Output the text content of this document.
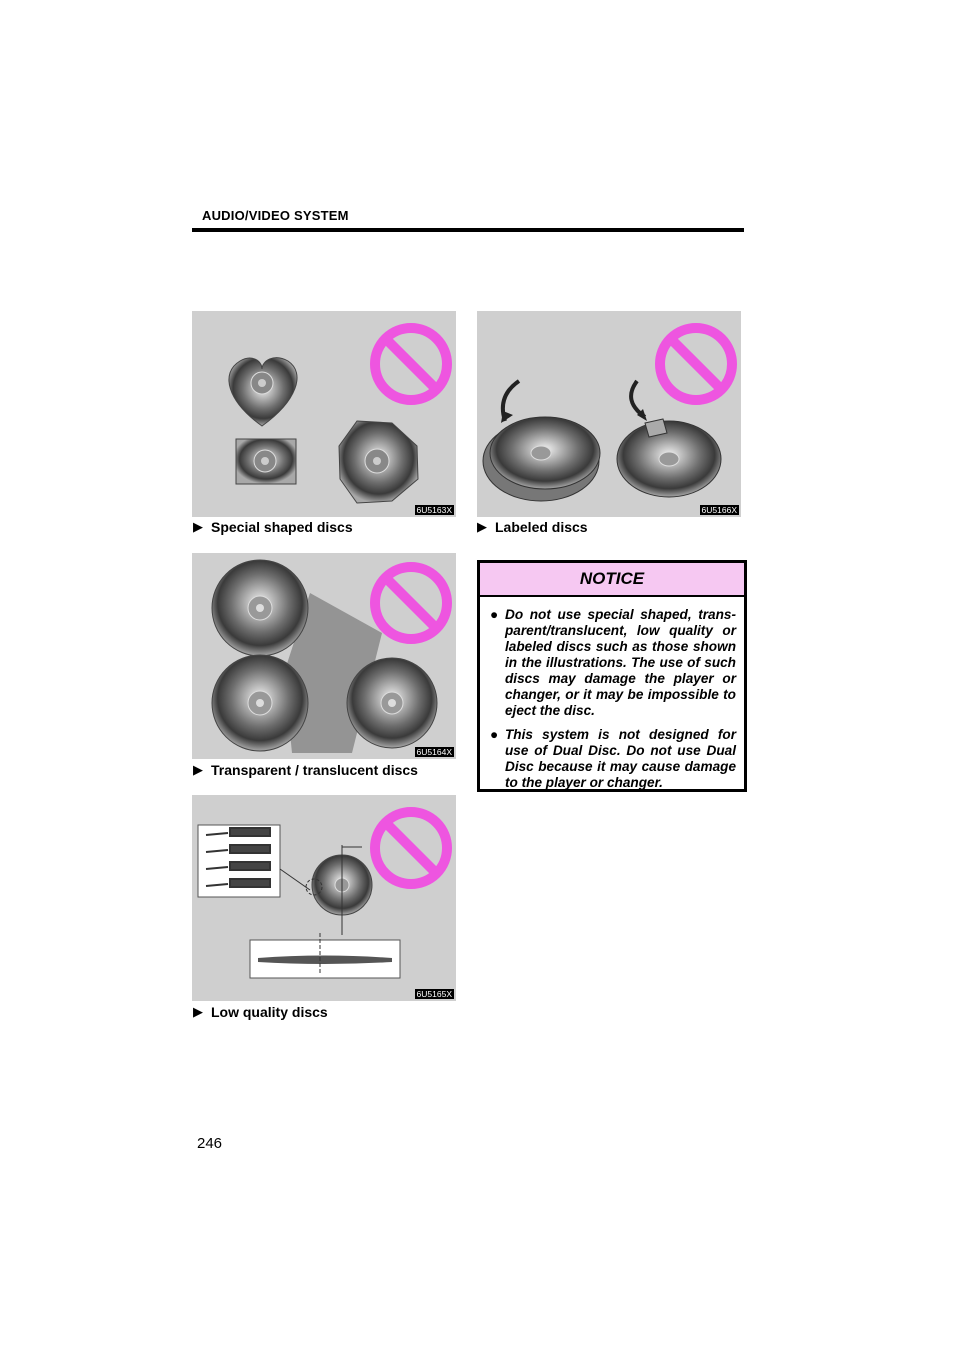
AUDIO/VIDEO SYSTEM
6U5163X
▶ Special shaped discs
6U5164X
▶ Transparent / translucent discs
6U5165X
▶ Low quality discs
6U5166X
▶ Labeled discs
NOTICE
● Do not use special shaped, trans-parent/translucent, low quality or labeled discs such as those shown in the illustrations. The use of such discs may damage the player or changer, or it may be impossible to eject the disc.
● This system is not designed for use of Dual Disc. Do not use Dual Disc because it may cause damage to the player or changer.
246
